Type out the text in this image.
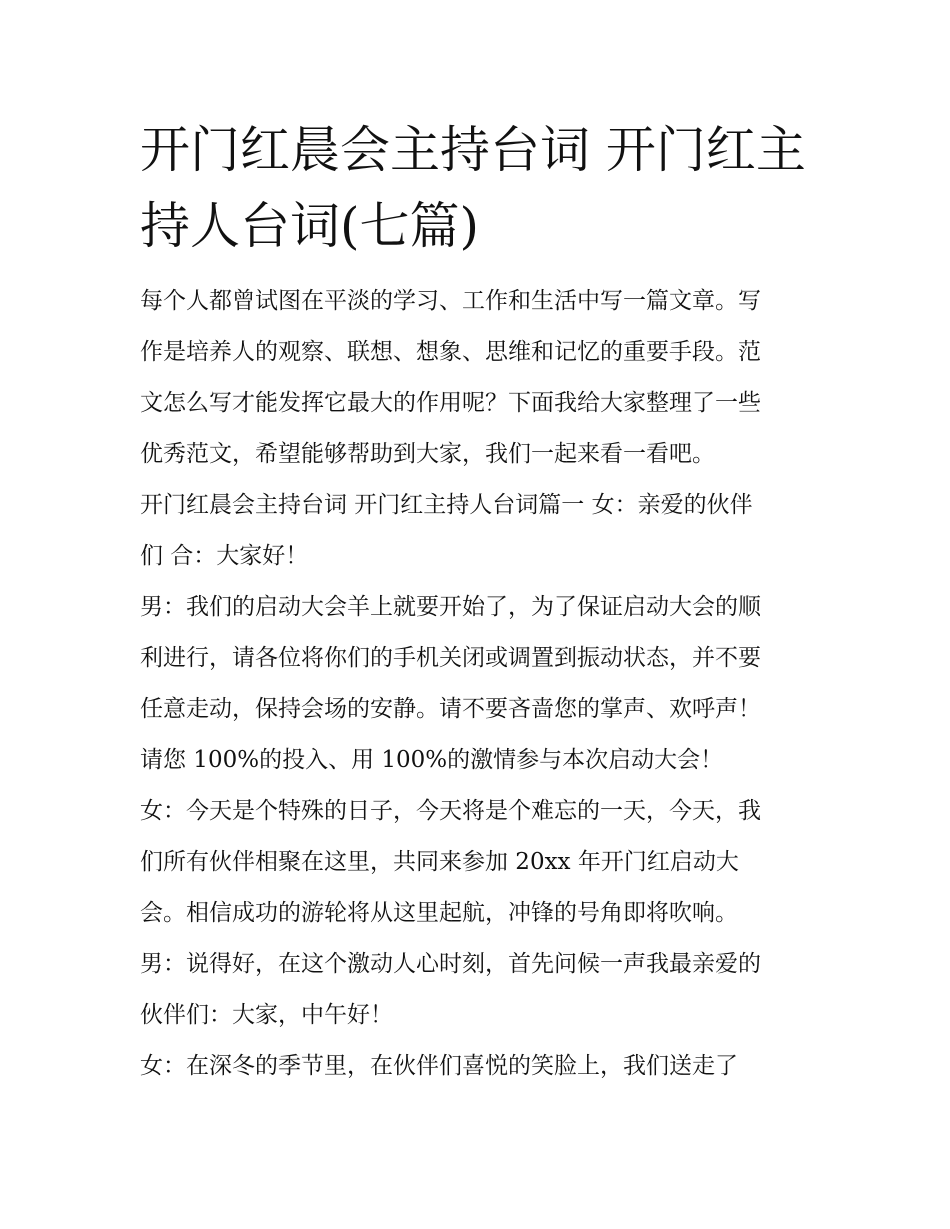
开门红晨会主持台词 开门红主
持人台词(七篇)
每个人都曾试图在平淡的学习、工作和生活中写一篇文章。写
作是培养人的观察、联想、想象、思维和记忆的重要手段。范
文怎么写才能发挥它最大的作用呢？下面我给大家整理了一些
优秀范文，希望能够帮助到大家，我们一起来看一看吧。
开门红晨会主持台词 开门红主持人台词篇一 女：亲爱的伙伴
们 合：大家好！
男：我们的启动大会羊上就要开始了，为了保证启动大会的顺
利进行，请各位将你们的手机关闭或调置到振动状态，并不要
任意走动，保持会场的安静。请不要吝啬您的掌声、欢呼声！
请您 100%的投入、用 100%的激情参与本次启动大会！
女：今天是个特殊的日子，今天将是个难忘的一天，今天，我
们所有伙伴相聚在这里，共同来参加 20xx 年开门红启动大
会。相信成功的游轮将从这里起航，冲锋的号角即将吹响。
男：说得好，在这个激动人心时刻，首先问候一声我最亲爱的
伙伴们：大家，中午好！
女：在深冬的季节里，在伙伴们喜悦的笑脸上，我们送走了
